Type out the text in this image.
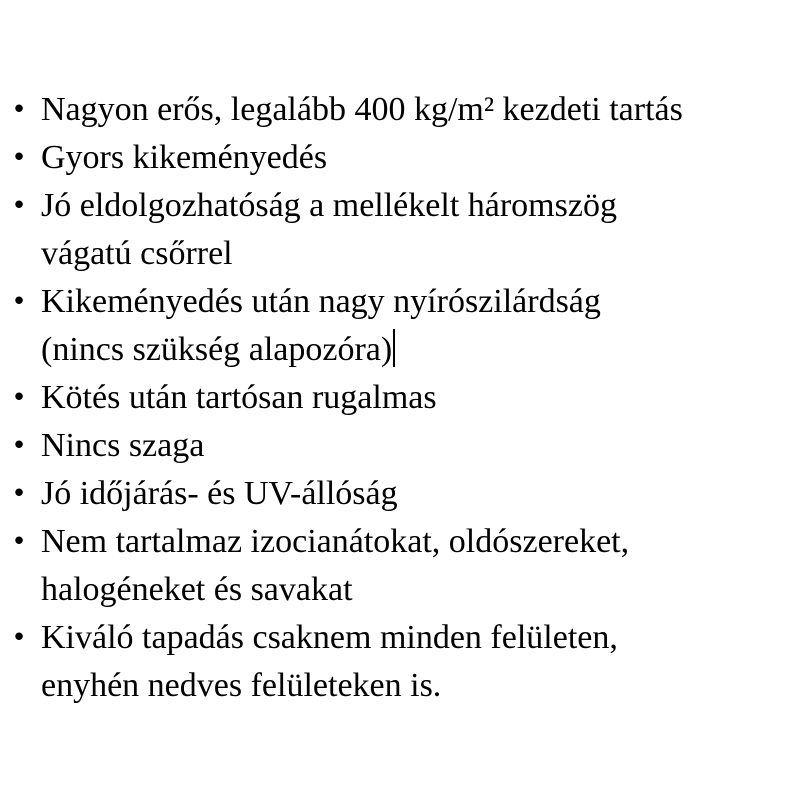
• Nagyon erős, legalább 400 kg/m² kezdeti tartás
• Gyors kikeményedés
• Jó eldolgozhatóság a mellékelt háromszög
vágatú csőrrel
• Kikeményedés után nagy nyírószilárdság
(nincs szükség alapozóra)
• Kötés után tartósan rugalmas
• Nincs szaga
• Jó időjárás- és UV-állóság
• Nem tartalmaz izocianátokat, oldószereket,
halogéneket és savakat
• Kiváló tapadás csaknem minden felületen,
enyhén nedves felületeken is.
